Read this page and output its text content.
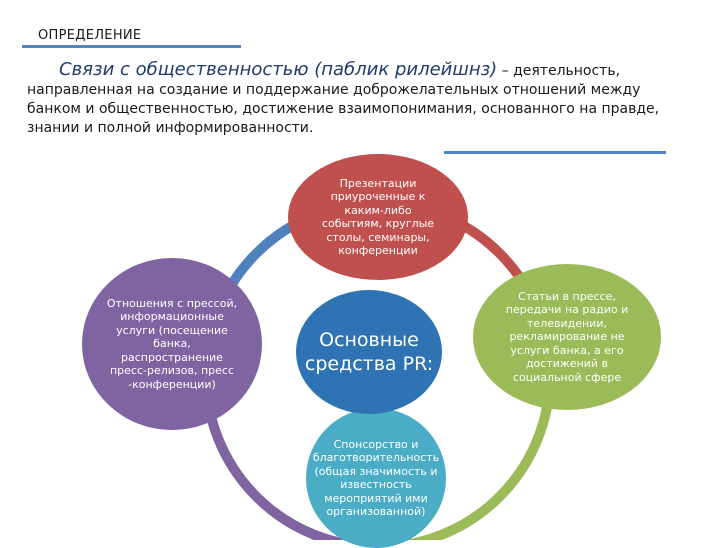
ОПРЕДЕЛЕНИЕ
Связи с общественностью (паблик рилейшнз) – деятельность, направленная на создание и поддержание доброжелательных отношений между банком и общественностью, достижение взаимопонимания, основанного на правде, знании и полной информированности.
Презентации приуроченные к каким-либо событиям, круглые столы, семинары, конференции
Отношения с прессой, информационные услуги (посещение банка, распространение пресс-релизов, пресс -конференции)
Статьи в прессе, передачи на радио и телевидении, рекламирование не услуги банка, а его достижений в социальной сфере
Спонсорство и благотворительность (общая значимость и известность мероприятий ими организованной)
Основные средства PR:
